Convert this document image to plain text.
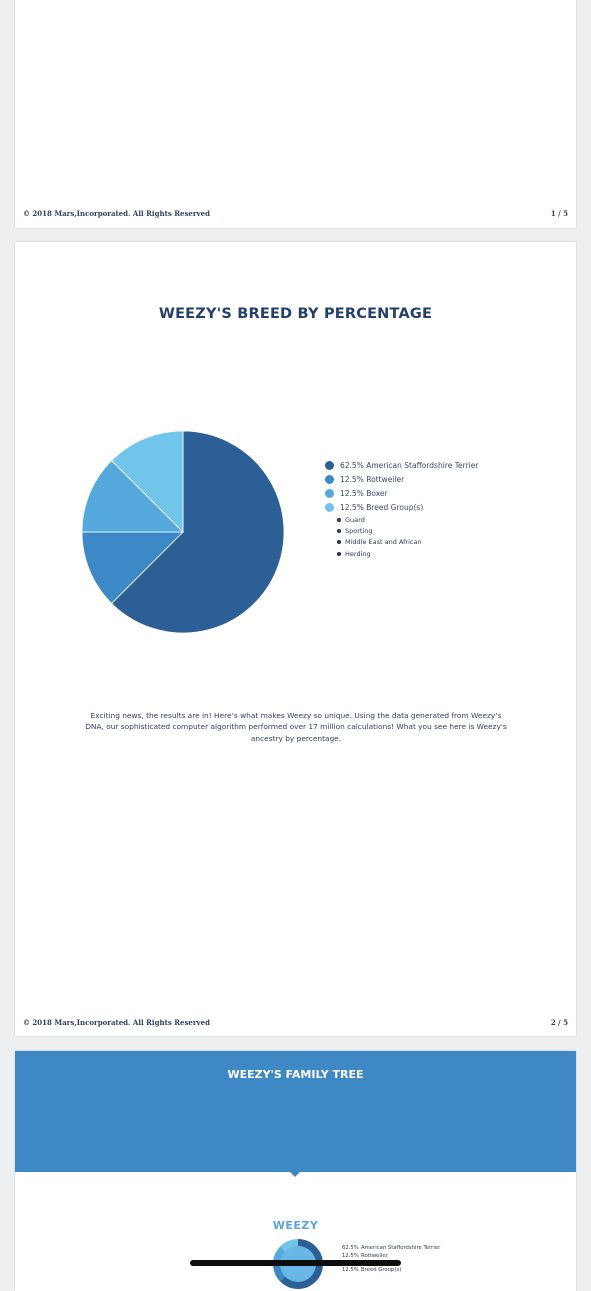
© 2018 Mars,Incorporated. All Rights Reserved	1 / 5
WEEZY'S BREED BY PERCENTAGE
62.5% American Staffordshire Terrier
12.5% Rottweiler
12.5% Boxer
12.5% Breed Group(s)
Guard
Sporting
Middle East and African
Herding
Exciting news, the results are in! Here’s what makes Weezy so unique. Using the data generated from Weezy’s DNA, our sophisticated computer algorithm performed over 17 million calculations! What you see here is Weezy's ancestry by percentage.
© 2018 Mars,Incorporated. All Rights Reserved	2 / 5
WEEZY'S FAMILY TREE
WEEZY
62.5% American Staffordshire Terrier
12.5% Rottweiler
12.5% Breed Group(s)
